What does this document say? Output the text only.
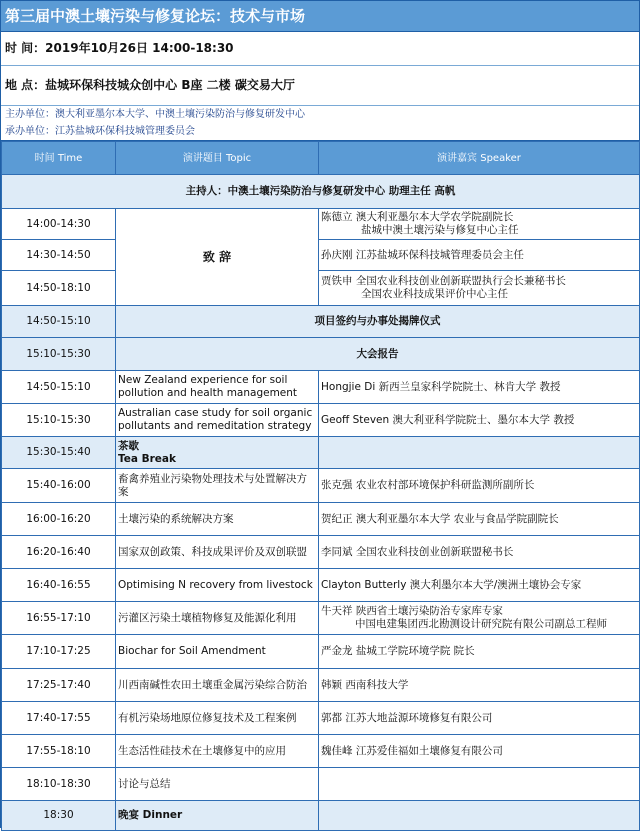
第三届中澳土壤污染与修复论坛：技术与市场
时 间：2019年10月26日 14:00-18:30
地 点：盐城环保科技城众创中心 B座 二楼 碳交易大厅
主办单位：澳大利亚墨尔本大学、中澳土壤污染防治与修复研发中心
承办单位：江苏盐城环保科技城管理委员会
时间 Time	演讲题目 Topic	演讲嘉宾 Speaker
主持人：中澳土壤污染防治与修复研发中心 助理主任 高帆		
14:00-14:30	致 辞	陈德立 澳大利亚墨尔本大学农学院副院长
盐城中澳土壤污染与修复中心主任

14:30-14:50		孙庆刚 江苏盐城环保科技城管理委员会主任
14:50-18:10		贾铁申 全国农业科技创业创新联盟执行会长兼秘书长
全国农业科技成果评价中心主任

14:50-15:10	项目签约与办事处揭牌仪式	
15:10-15:30	大会报告	
14:50-15:10	New Zealand experience for soil pollution and health management	Hongjie Di 新西兰皇家科学院院士、林肯大学 教授
15:10-15:30	Australian case study for soil organic pollutants and remeditation strategy	Geoff Steven 澳大利亚科学院院士、墨尔本大学 教授
15:30-15:40	茶歇
Tea Break	

15:40-16:00	畜禽养殖业污染物处理技术与处置解决方案	张克强 农业农村部环境保护科研监测所副所长
16:00-16:20	土壤污染的系统解决方案	贺纪正 澳大利亚墨尔本大学 农业与食品学院副院长
16:20-16:40	国家双创政策、科技成果评价及双创联盟	李同斌 全国农业科技创业创新联盟秘书长
16:40-16:55	Optimising N recovery from livestock	Clayton Butterly 澳大利墨尔本大学/澳洲土壤协会专家
16:55-17:10	污灌区污染土壤植物修复及能源化利用	牛天祥 陕西省土壤污染防治专家库专家
中国电建集团西北勘测设计研究院有限公司副总工程师

17:10-17:25	Biochar for Soil Amendment	严金龙 盐城工学院环境学院 院长
17:25-17:40	川西南碱性农田土壤重金属污染综合防治	韩颖 西南科技大学
17:40-17:55	有机污染场地原位修复技术及工程案例	郭都 江苏大地益源环境修复有限公司
17:55-18:10	生态活性硅技术在土壤修复中的应用	魏佳峰 江苏爱佳福如土壤修复有限公司
18:10-18:30	讨论与总结	
18:30	晚宴 Dinner	
